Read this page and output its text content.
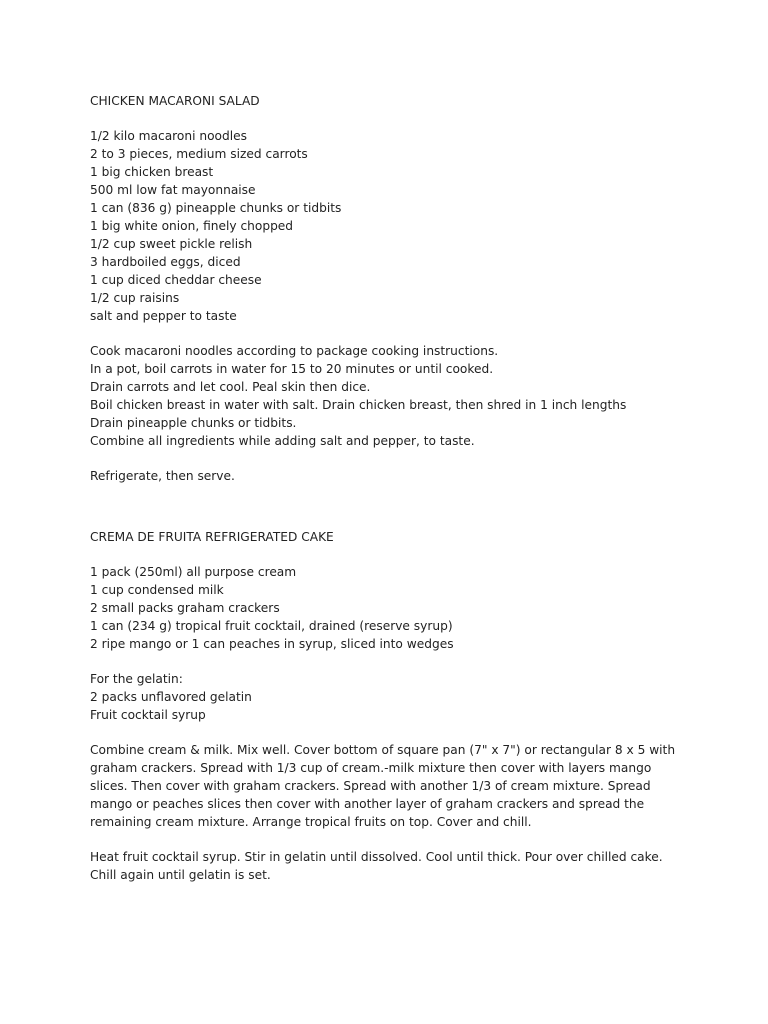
CHICKEN MACARONI SALAD
1/2 kilo macaroni noodles
2 to 3 pieces, medium sized carrots
1 big chicken breast
500 ml low fat mayonnaise
1 can (836 g) pineapple chunks or tidbits
1 big white onion, finely chopped
1/2 cup sweet pickle relish
3 hardboiled eggs, diced
1 cup diced cheddar cheese
1/2 cup raisins
salt and pepper to taste
Cook macaroni noodles according to package cooking instructions.
In a pot, boil carrots in water for 15 to 20 minutes or until cooked.
Drain carrots and let cool. Peal skin then dice.
Boil chicken breast in water with salt. Drain chicken breast, then shred in 1 inch lengths
Drain pineapple chunks or tidbits.
Combine all ingredients while adding salt and pepper, to taste.
Refrigerate, then serve.
CREMA DE FRUITA REFRIGERATED CAKE
1 pack (250ml) all purpose cream
1 cup condensed milk
2 small packs graham crackers
1 can (234 g) tropical fruit cocktail, drained (reserve syrup)
2 ripe mango or 1 can peaches in syrup, sliced into wedges
For the gelatin:
2 packs unflavored gelatin
Fruit cocktail syrup
Combine cream & milk. Mix well. Cover bottom of square pan (7" x 7") or rectangular 8 x 5 with graham crackers. Spread with 1/3 cup of cream.-milk mixture then cover with layers mango slices. Then cover with graham crackers. Spread with another 1/3 of cream mixture. Spread mango or peaches slices then cover with another layer of graham crackers and spread the remaining cream mixture. Arrange tropical fruits on top. Cover and chill.
Heat fruit cocktail syrup. Stir in gelatin until dissolved. Cool until thick. Pour over chilled cake. Chill again until gelatin is set.
